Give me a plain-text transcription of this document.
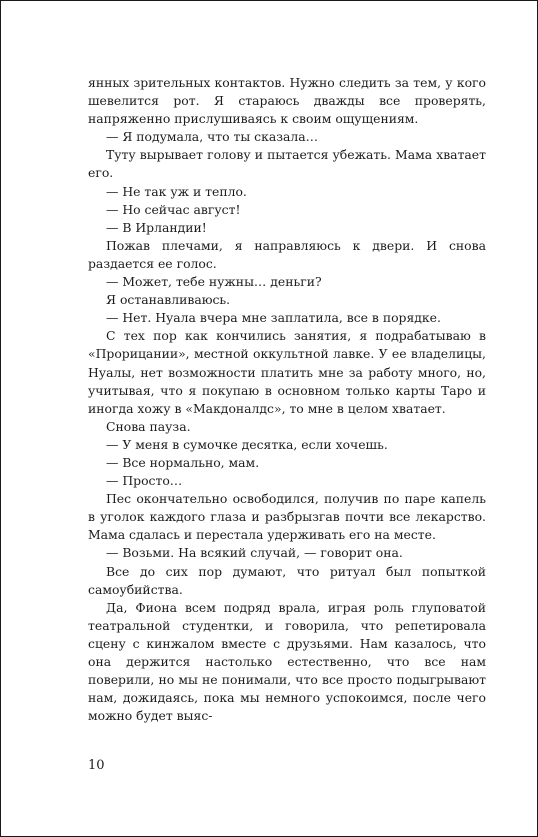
янных зрительных контактов. Нужно следить за тем, у кого шевелится рот. Я стараюсь дважды все проверять, напряженно прислушиваясь к своим ощущениям.

— Я подумала, что ты сказала…

Туту вырывает голову и пытается убежать. Мама хватает его.

— Не так уж и тепло.

— Но сейчас август!

— В Ирландии!

Пожав плечами, я направляюсь к двери. И снова раздается ее голос.

— Может, тебе нужны… деньги?

Я останавливаюсь.

— Нет. Нуала вчера мне заплатила, все в порядке.

С тех пор как кончились занятия, я подрабатываю в «Прорицании», местной оккультной лавке. У ее владелицы, Нуалы, нет возможности платить мне за работу много, но, учитывая, что я покупаю в основном только карты Таро и иногда хожу в «Макдоналдс», то мне в целом хватает.

Снова пауза.

— У меня в сумочке десятка, если хочешь.

— Все нормально, мам.

— Просто…

Пес окончательно освободился, получив по паре капель в уголок каждого глаза и разбрызгав почти все лекарство. Мама сдалась и перестала удерживать его на месте.

— Возьми. На всякий случай, — говорит она.

Все до сих пор думают, что ритуал был попыткой самоубийства.

Да, Фиона всем подряд врала, играя роль глуповатой театральной студентки, и говорила, что репетировала сцену с кинжалом вместе с друзьями. Нам казалось, что она держится настолько естественно, что все нам поверили, но мы не понимали, что все просто подыгрывают нам, дожидаясь, пока мы немного успокоимся, после чего можно будет выяс-

10
